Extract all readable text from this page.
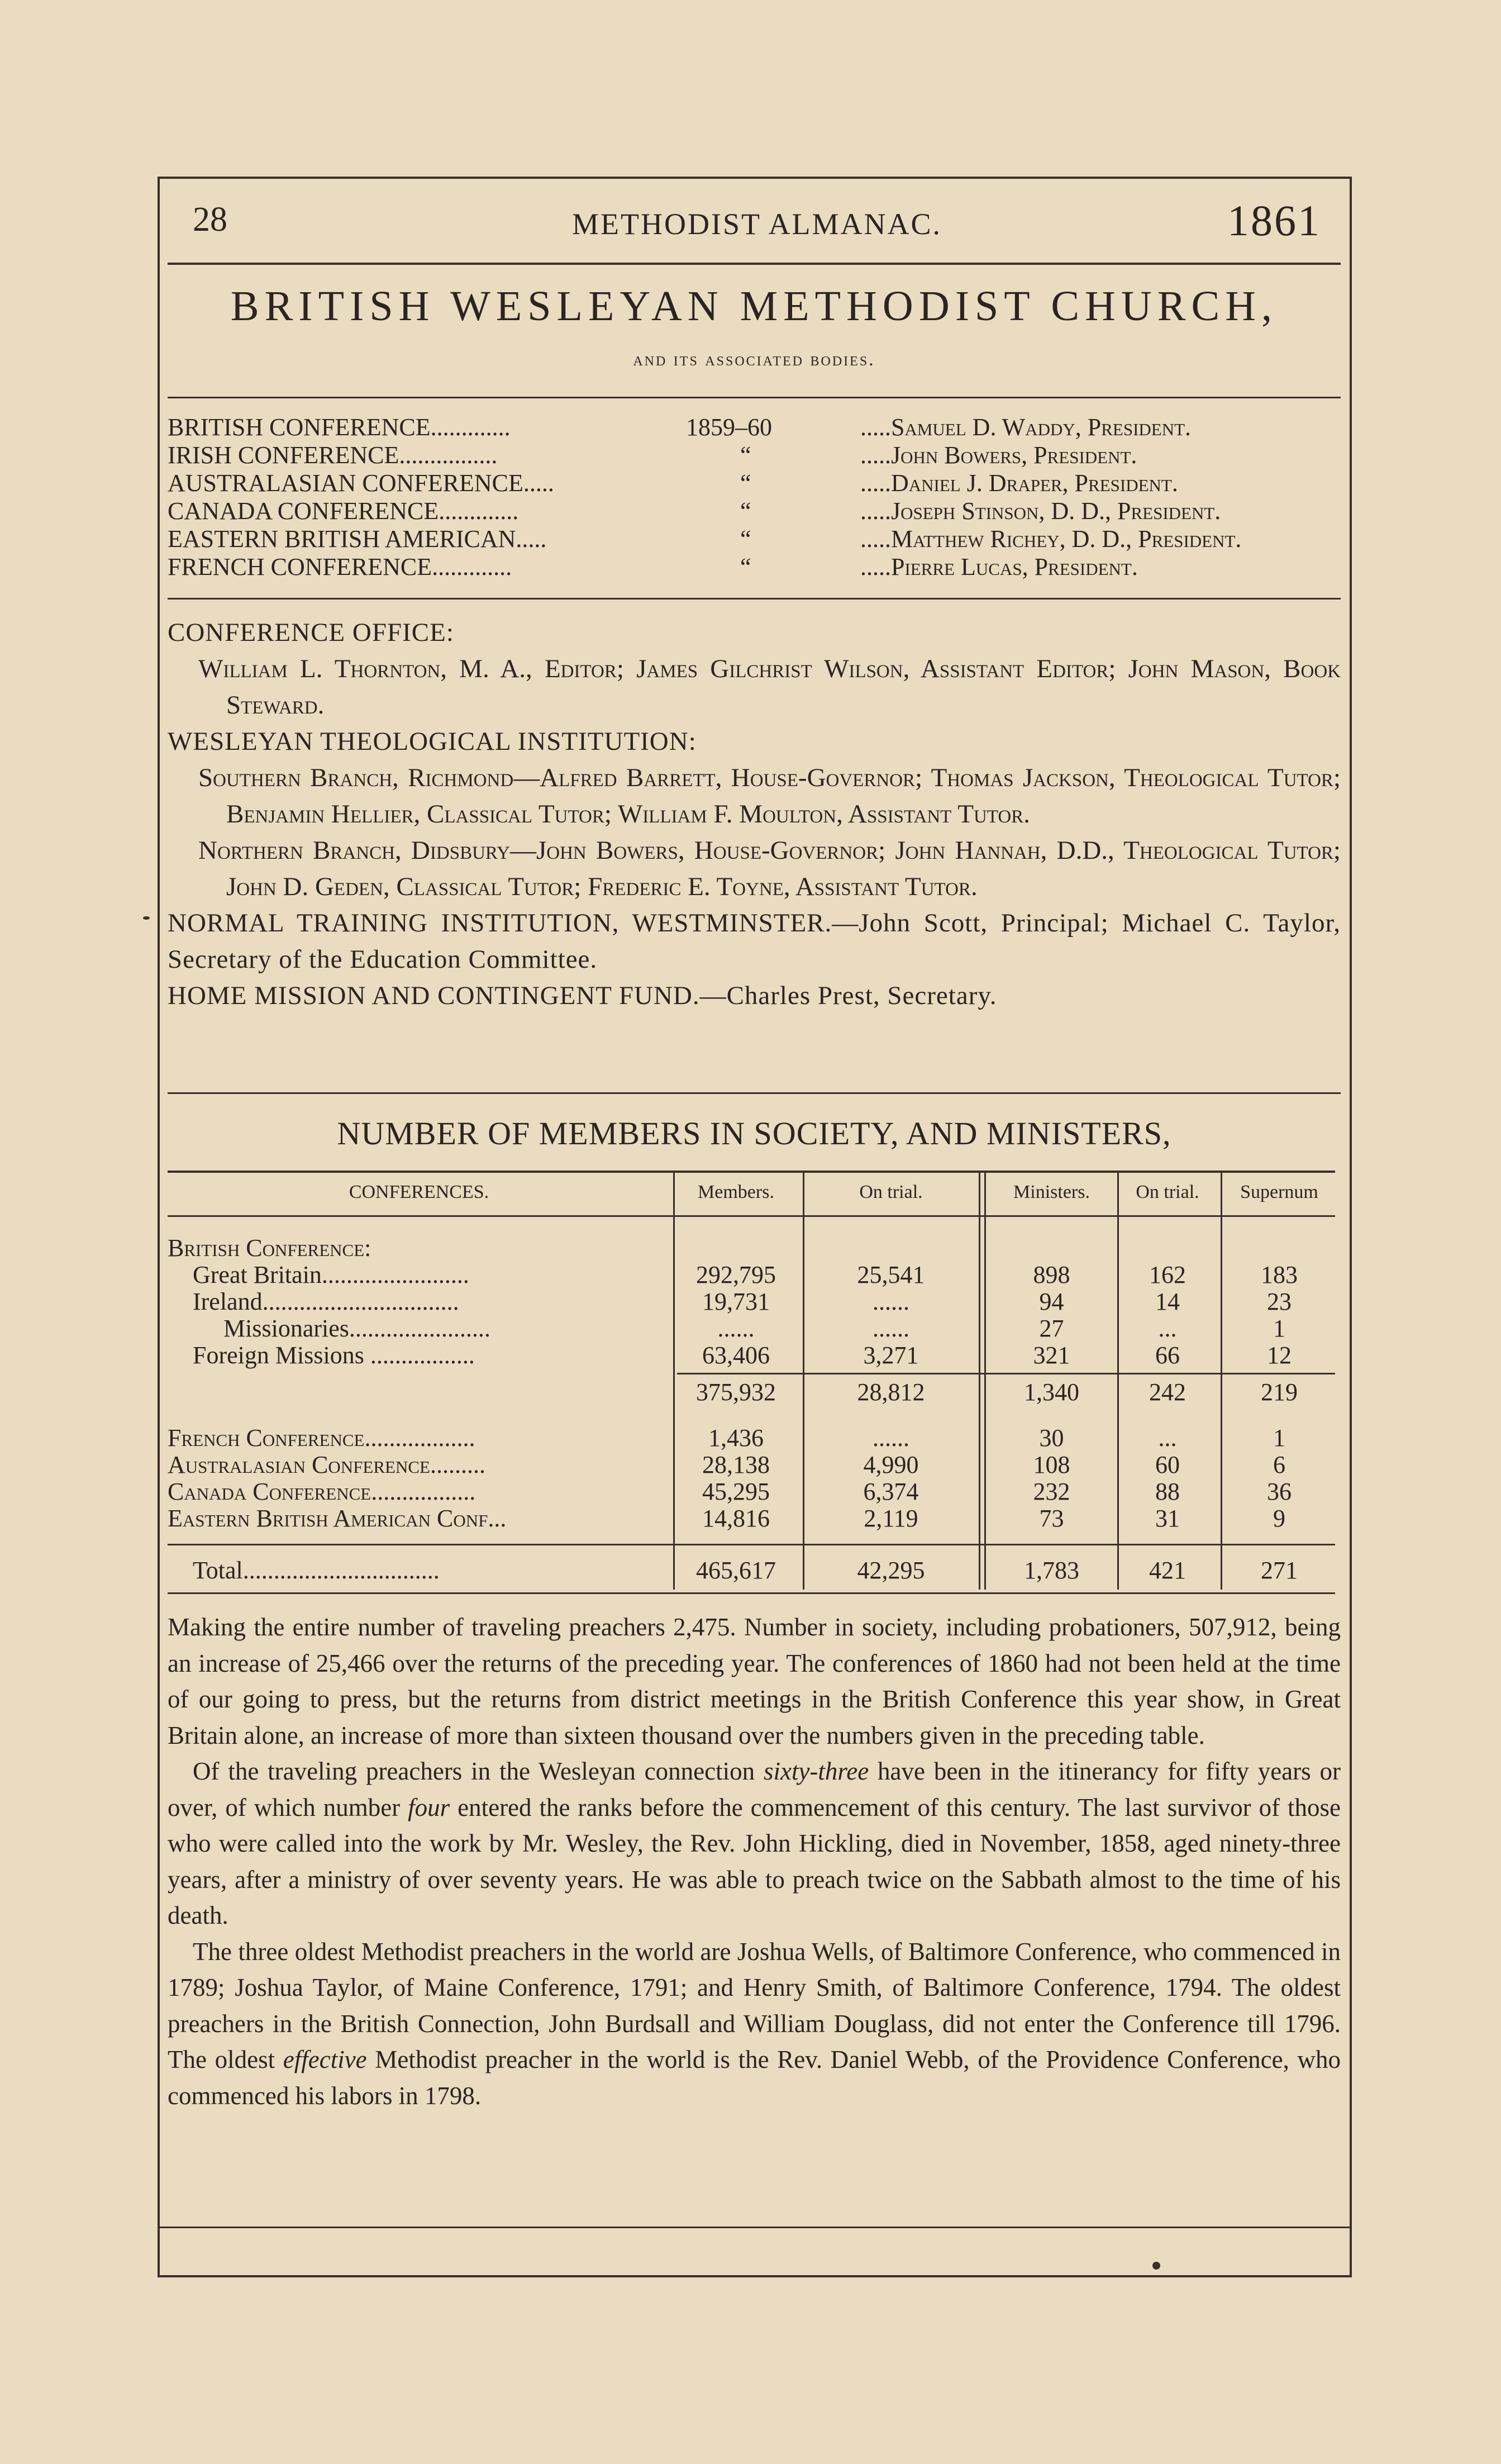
28	METHODIST ALMANAC.	1861
BRITISH WESLEYAN METHODIST CHURCH,
and its associated bodies.
BRITISH CONFERENCE.............	1859–60	.....Samuel D. Waddy, President.
IRISH CONFERENCE................	“	.....John Bowers, President.
AUSTRALASIAN CONFERENCE.....	“	.....Daniel J. Draper, President.
CANADA CONFERENCE.............	“	.....Joseph Stinson, D. D., President.
EASTERN BRITISH AMERICAN.....	“	.....Matthew Richey, D. D., President.
FRENCH CONFERENCE.............	“	.....Pierre Lucas, President.
CONFERENCE OFFICE:
William L. Thornton, M. A., Editor; James Gilchrist Wilson, Assistant Editor; John Mason, Book Steward.
WESLEYAN THEOLOGICAL INSTITUTION:
Southern Branch, Richmond—Alfred Barrett, House-Governor; Thomas Jackson, Theological Tutor; Benjamin Hellier, Classical Tutor; William F. Moulton, Assistant Tutor.
Northern Branch, Didsbury—John Bowers, House-Governor; John Hannah, D.D., Theological Tutor; John D. Geden, Classical Tutor; Frederic E. Toyne, Assistant Tutor.
NORMAL TRAINING INSTITUTION, WESTMINSTER.—John Scott, Principal; Michael C. Taylor, Secretary of the Education Committee.
HOME MISSION AND CONTINGENT FUND.—Charles Prest, Secretary.
NUMBER OF MEMBERS IN SOCIETY, AND MINISTERS,
CONFERENCES.	Members.	On trial.	Ministers.	On trial.	Supernum
British Conference:
Great Britain........................	292,795	25,541	898	162	183
Ireland................................	19,731	......	94	14	23
Missionaries.......................	......	......	27	...	1
Foreign Missions .................	63,406	3,271	321	66	12
375,932	28,812	1,340	242	219
French Conference..................	1,436	......	30	...	1
Australasian Conference.........	28,138	4,990	108	60	6
Canada Conference.................	45,295	6,374	232	88	36
Eastern British American Conf...	14,816	2,119	73	31	9
Total................................	465,617	42,295	1,783	421	271

Making the entire number of traveling preachers 2,475. Number in society, including probationers, 507,912, being an increase of 25,466 over the returns of the preceding year. The conferences of 1860 had not been held at the time of our going to press, but the returns from district meetings in the British Conference this year show, in Great Britain alone, an increase of more than sixteen thousand over the numbers given in the preceding table.

Of the traveling preachers in the Wesleyan connection sixty-three have been in the itinerancy for fifty years or over, of which number four entered the ranks before the commencement of this century. The last survivor of those who were called into the work by Mr. Wesley, the Rev. John Hickling, died in November, 1858, aged ninety-three years, after a ministry of over seventy years. He was able to preach twice on the Sabbath almost to the time of his death.

The three oldest Methodist preachers in the world are Joshua Wells, of Baltimore Conference, who commenced in 1789; Joshua Taylor, of Maine Conference, 1791; and Henry Smith, of Baltimore Conference, 1794. The oldest preachers in the British Connection, John Burdsall and William Douglass, did not enter the Conference till 1796. The oldest effective Methodist preacher in the world is the Rev. Daniel Webb, of the Providence Conference, who commenced his labors in 1798.
